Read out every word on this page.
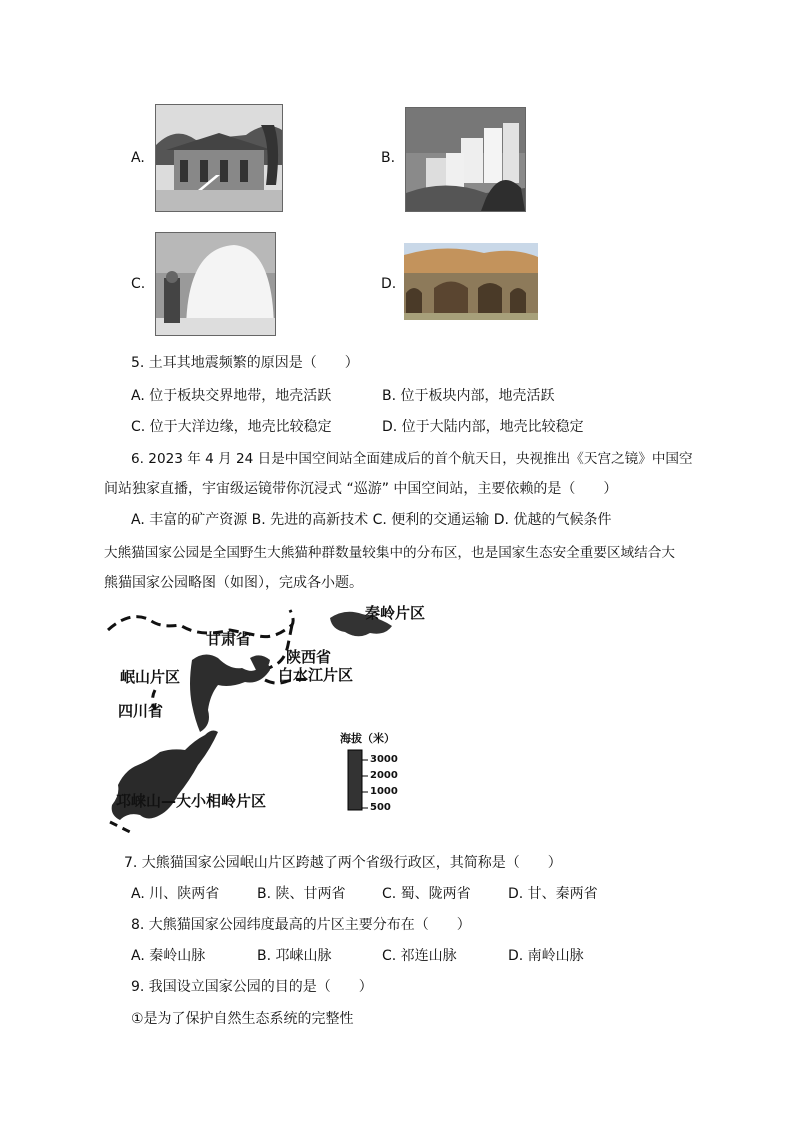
A.	B.
C.	D.
5. 土耳其地震频繁的原因是（　　）
A. 位于板块交界地带，地壳活跃	B. 位于板块内部，地壳活跃
C. 位于大洋边缘，地壳比较稳定	D. 位于大陆内部，地壳比较稳定
6. 2023 年 4 月 24 日是中国空间站全面建成后的首个航天日，央视推出《天宫之镜》中国空
间站独家直播，宇宙级运镜带你沉浸式 “巡游” 中国空间站，主要依赖的是（　　）
A. 丰富的矿产资源 B. 先进的高新技术 C. 便利的交通运输 D. 优越的气候条件
大熊猫国家公园是全国野生大熊猫种群数量较集中的分布区，也是国家生态安全重要区域结合大
熊猫国家公园略图（如图），完成各小题。
秦岭片区
甘肃省
陕西省
岷山片区	白水江片区
四川省
邛崃山—大小相岭片区
海拔（米）
3000
2000
1000
500
7. 大熊猫国家公园岷山片区跨越了两个省级行政区，其简称是（　　）
A. 川、陕两省	B. 陕、甘两省	C. 蜀、陇两省	D. 甘、秦两省
8. 大熊猫国家公园纬度最高的片区主要分布在（　　）
A. 秦岭山脉	B. 邛崃山脉	C. 祁连山脉	D. 南岭山脉
9. 我国设立国家公园的目的是（　　）
①是为了保护自然生态系统的完整性
